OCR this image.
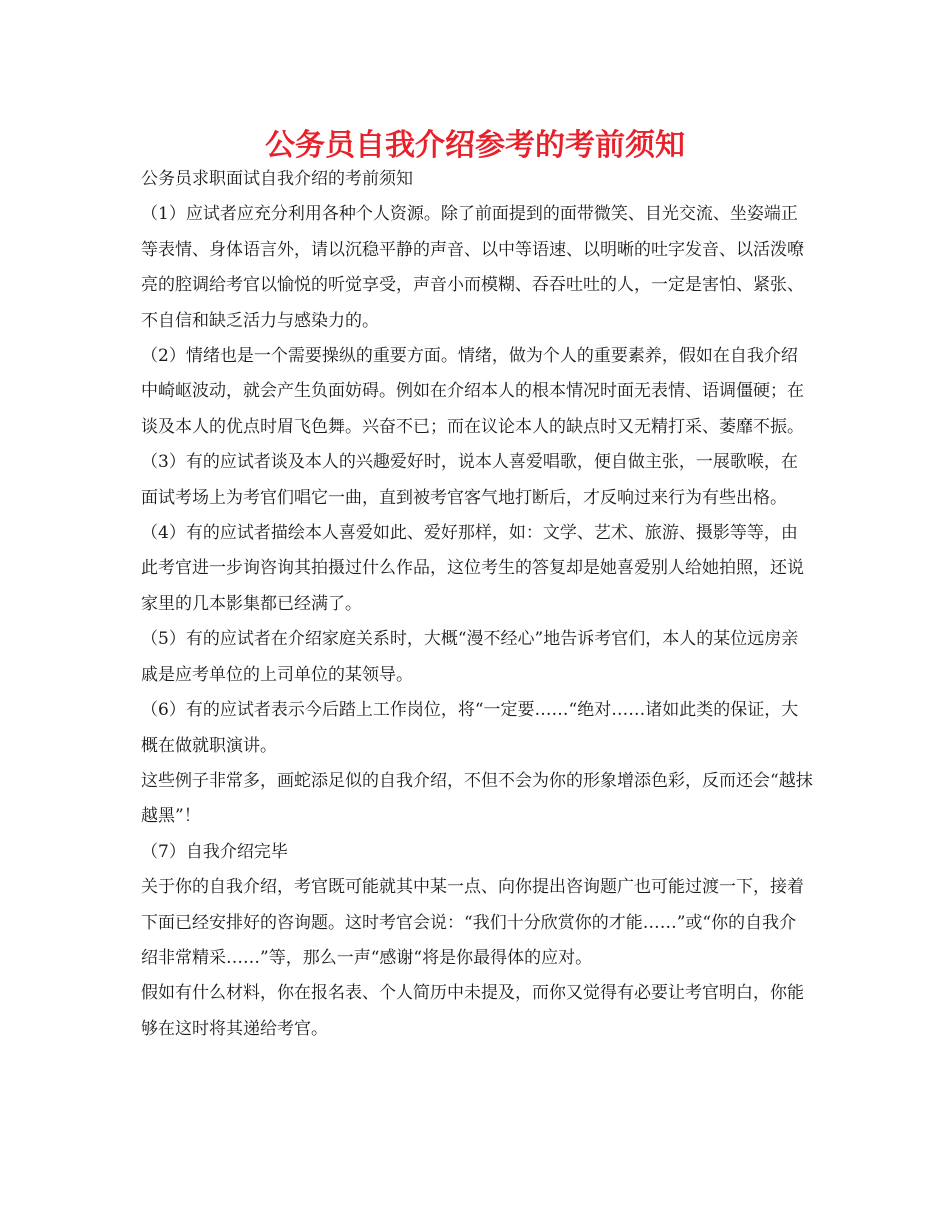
公务员自我介绍参考的考前须知

公务员求职面试自我介绍的考前须知

（1）应试者应充分利用各种个人资源。除了前面提到的面带微笑、目光交流、坐姿端正等表情、身体语言外，请以沉稳平静的声音、以中等语速、以明晰的吐字发音、以活泼嘹亮的腔调给考官以愉悦的听觉享受，声音小而模糊、吞吞吐吐的人，一定是害怕、紧张、不自信和缺乏活力与感染力的。

（2）情绪也是一个需要操纵的重要方面。情绪，做为个人的重要素养，假如在自我介绍中崎岖波动，就会产生负面妨碍。例如在介绍本人的根本情况时面无表情、语调僵硬；在谈及本人的优点时眉飞色舞。兴奋不已；而在议论本人的缺点时又无精打采、萎靡不振。

（3）有的应试者谈及本人的兴趣爱好时，说本人喜爱唱歌，便自做主张，一展歌喉，在面试考场上为考官们唱它一曲，直到被考官客气地打断后，才反响过来行为有些出格。

（4）有的应试者描绘本人喜爱如此、爱好那样，如：文学、艺术、旅游、摄影等等，由此考官进一步询咨询其拍摄过什么作品，这位考生的答复却是她喜爱别人给她拍照，还说家里的几本影集都已经满了。

（5）有的应试者在介绍家庭关系时，大概“漫不经心”地告诉考官们，本人的某位远房亲戚是应考单位的上司单位的某领导。

（6）有的应试者表示今后踏上工作岗位，将“一定要……“绝对……诸如此类的保证，大概在做就职演讲。

这些例子非常多，画蛇添足似的自我介绍，不但不会为你的形象增添色彩，反而还会“越抹越黑”！

（7）自我介绍完毕

关于你的自我介绍，考官既可能就其中某一点、向你提出咨询题广也可能过渡一下，接着下面已经安排好的咨询题。这时考官会说：“我们十分欣赏你的才能……”或“你的自我介绍非常精采……”等，那么一声“感谢“将是你最得体的应对。

假如有什么材料，你在报名表、个人简历中未提及，而你又觉得有必要让考官明白，你能够在这时将其递给考官。
